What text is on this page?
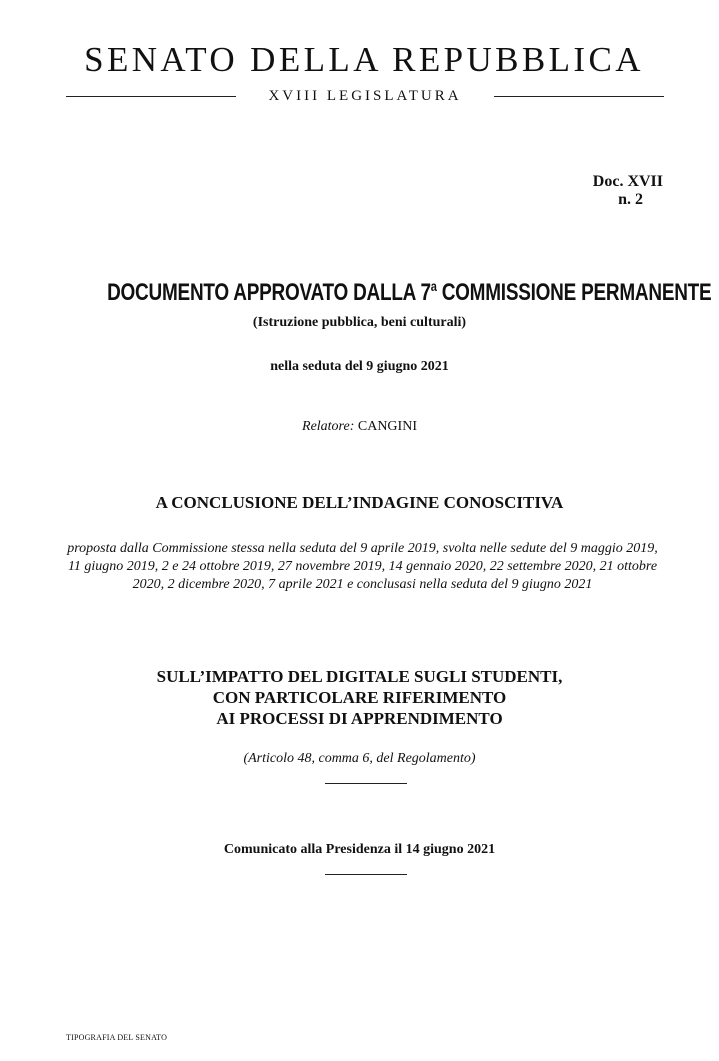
SENATO DELLA REPUBBLICA
XVIII LEGISLATURA
Doc. XVII
n. 2
DOCUMENTO APPROVATO DALLA 7$^a$ COMMISSIONE PERMANENTE
(Istruzione pubblica, beni culturali)
nella seduta del 9 giugno 2021
Relatore: CANGINI
A CONCLUSIONE DELL’INDAGINE CONOSCITIVA
proposta dalla Commissione stessa nella seduta del 9 aprile 2019, svolta nelle sedute del 9 maggio 2019, 11 giugno 2019, 2 e 24 ottobre 2019, 27 novembre 2019, 14 gennaio 2020, 22 settembre 2020, 21 ottobre 2020, 2 dicembre 2020, 7 aprile 2021 e conclusasi nella seduta del 9 giugno 2021
SULL’IMPATTO DEL DIGITALE SUGLI STUDENTI,
CON PARTICOLARE RIFERIMENTO
AI PROCESSI DI APPRENDIMENTO
(Articolo 48, comma 6, del Regolamento)
Comunicato alla Presidenza il 14 giugno 2021
TIPOGRAFIA DEL SENATO
